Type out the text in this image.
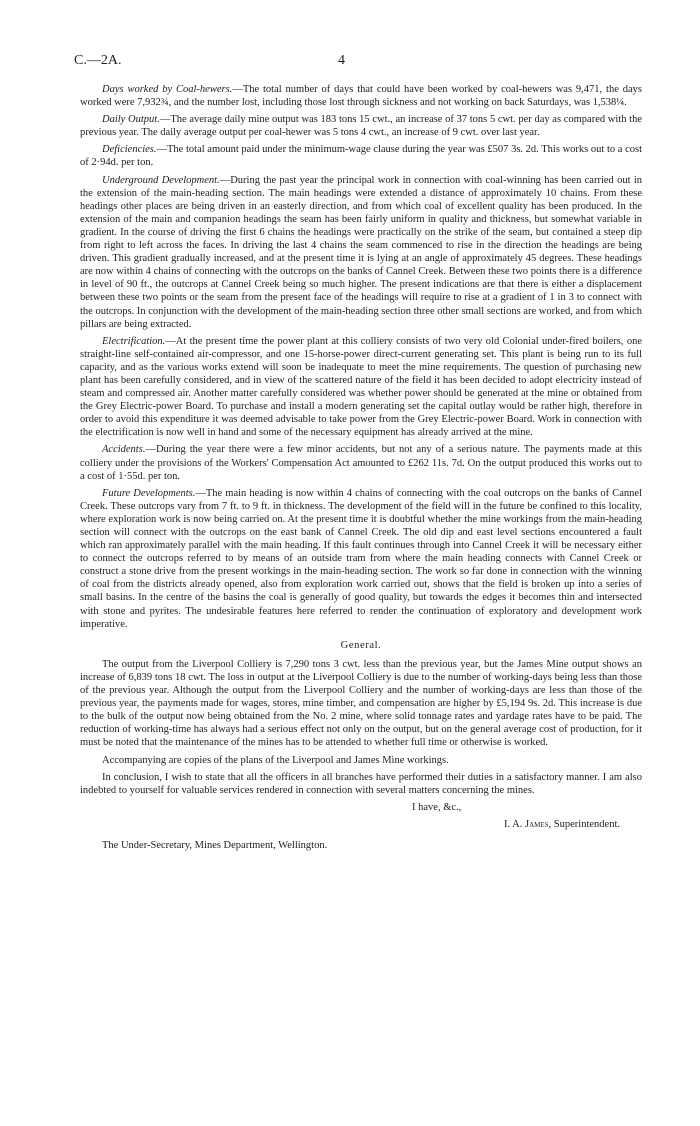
C.—2A.	4

Days worked by Coal-hewers.—The total number of days that could have been worked by coal-hewers was 9,471, the days worked were 7,932¾, and the number lost, including those lost through sickness and not working on back Saturdays, was 1,538¼.

Daily Output.—The average daily mine output was 183 tons 15 cwt., an increase of 37 tons 5 cwt. per day as compared with the previous year. The daily average output per coal-hewer was 5 tons 4 cwt., an increase of 9 cwt. over last year.

Deficiencies.—The total amount paid under the minimum-wage clause during the year was £507 3s. 2d. This works out to a cost of 2·94d. per ton.

Underground Development.—During the past year the principal work in connection with coal-winning has been carried out in the extension of the main-heading section. The main headings were extended a distance of approximately 10 chains. From these headings other places are being driven in an easterly direction, and from which coal of excellent quality has been produced. In the extension of the main and companion headings the seam has been fairly uniform in quality and thickness, but somewhat variable in gradient. In the course of driving the first 6 chains the headings were practically on the strike of the seam, but contained a steep dip from right to left across the faces. In driving the last 4 chains the seam commenced to rise in the direction the headings are being driven. This gradient gradually increased, and at the present time it is lying at an angle of approximately 45 degrees. These headings are now within 4 chains of connecting with the outcrops on the banks of Cannel Creek. Between these two points there is a difference in level of 90 ft., the outcrops at Cannel Creek being so much higher. The present indications are that there is either a displacement between these two points or the seam from the present face of the headings will require to rise at a gradient of 1 in 3 to connect with the outcrops. In conjunction with the development of the main-heading section three other small sections are worked, and from which pillars are being extracted.

Electrification.—At the present time the power plant at this colliery consists of two very old Colonial under-fired boilers, one straight-line self-contained air-compressor, and one 15-horse-power direct-current generating set. This plant is being run to its full capacity, and as the various works extend will soon be inadequate to meet the mine requirements. The question of purchasing new plant has been carefully considered, and in view of the scattered nature of the field it has been decided to adopt electricity instead of steam and compressed air. Another matter carefully considered was whether power should be generated at the mine or obtained from the Grey Electric-power Board. To purchase and install a modern generating set the capital outlay would be rather high, therefore in order to avoid this expenditure it was deemed advisable to take power from the Grey Electric-power Board. Work in connection with the electrification is now well in hand and some of the necessary equipment has already arrived at the mine.

Accidents.—During the year there were a few minor accidents, but not any of a serious nature. The payments made at this colliery under the provisions of the Workers' Compensation Act amounted to £262 11s. 7d. On the output produced this works out to a cost of 1·55d. per ton.

Future Developments.—The main heading is now within 4 chains of connecting with the coal outcrops on the banks of Cannel Creek. These outcrops vary from 7 ft. to 9 ft. in thickness. The development of the field will in the future be confined to this locality, where exploration work is now being carried on. At the present time it is doubtful whether the mine workings from the main-heading section will connect with the outcrops on the east bank of Cannel Creek. The old dip and east level sections encountered a fault which ran approximately parallel with the main heading. If this fault continues through into Cannel Creek it will be necessary either to connect the outcrops referred to by means of an outside tram from where the main heading connects with Cannel Creek or construct a stone drive from the present workings in the main-heading section. The work so far done in connection with the winning of coal from the districts already opened, also from exploration work carried out, shows that the field is broken up into a series of small basins. In the centre of the basins the coal is generally of good quality, but towards the edges it becomes thin and intersected with stone and pyrites. The undesirable features here referred to render the continuation of exploratory and development work imperative.

General.

The output from the Liverpool Colliery is 7,290 tons 3 cwt. less than the previous year, but the James Mine output shows an increase of 6,839 tons 18 cwt. The loss in output at the Liverpool Colliery is due to the number of working-days being less than those of the previous year. Although the output from the Liverpool Colliery and the number of working-days are less than those of the previous year, the payments made for wages, stores, mine timber, and compensation are higher by £5,194 9s. 2d. This increase is due to the bulk of the output now being obtained from the No. 2 mine, where solid tonnage rates and yardage rates have to be paid. The reduction of working-time has always had a serious effect not only on the output, but on the general average cost of production, for it must be noted that the maintenance of the mines has to be attended to whether full time or otherwise is worked.

Accompanying are copies of the plans of the Liverpool and James Mine workings.

In conclusion, I wish to state that all the officers in all branches have performed their duties in a satisfactory manner. I am also indebted to yourself for valuable services rendered in connection with several matters concerning the mines.

I have, &c.,
I. A. James, Superintendent.
The Under-Secretary, Mines Department, Wellington.
